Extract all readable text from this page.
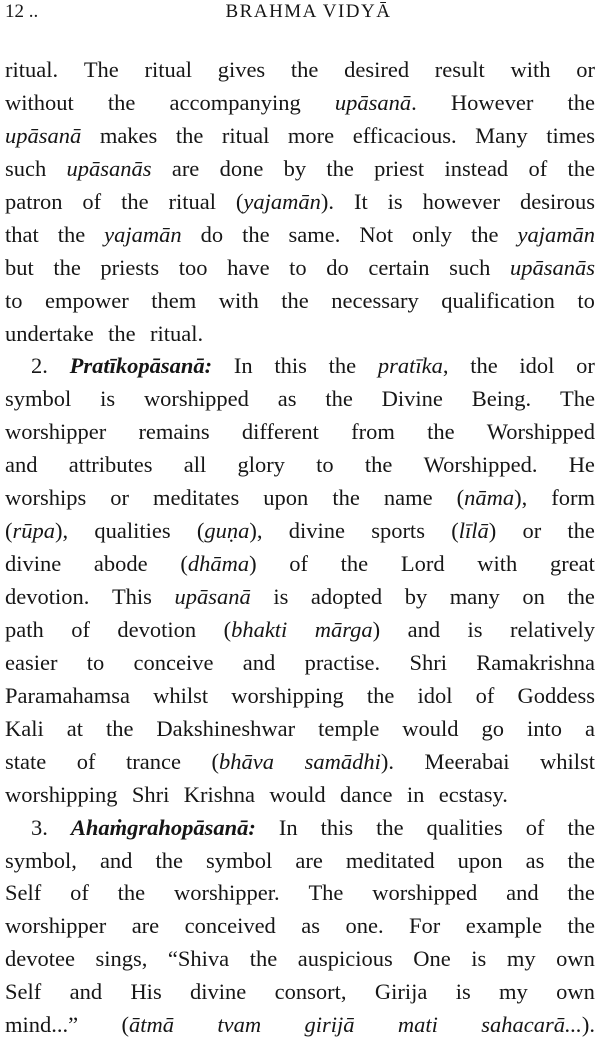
12 ..	BRAHMA VIDYĀ
ritual. The ritual gives the desired result with or
without the accompanying upāsanā. However the
upāsanā makes the ritual more efficacious. Many times
such upāsanās are done by the priest instead of the
patron of the ritual (yajamān). It is however desirous
that the yajamān do the same. Not only the yajamān
but the priests too have to do certain such upāsanās
to empower them with the necessary qualification to
undertake the ritual.
2. Pratīkopāsanā: In this the pratīka, the idol or
symbol is worshipped as the Divine Being. The
worshipper remains different from the Worshipped
and attributes all glory to the Worshipped. He
worships or meditates upon the name (nāma), form
(rūpa), qualities (guṇa), divine sports (līlā) or the
divine abode (dhāma) of the Lord with great
devotion. This upāsanā is adopted by many on the
path of devotion (bhakti mārga) and is relatively
easier to conceive and practise. Shri Ramakrishna
Paramahamsa whilst worshipping the idol of Goddess
Kali at the Dakshineshwar temple would go into a
state of trance (bhāva samādhi). Meerabai whilst
worshipping Shri Krishna would dance in ecstasy.
3. Ahaṁgrahopāsanā: In this the qualities of the
symbol, and the symbol are meditated upon as the
Self of the worshipper. The worshipped and the
worshipper are conceived as one. For example the
devotee sings, “Shiva the auspicious One is my own
Self and His divine consort, Girija is my own
mind...” (ātmā tvam girijā mati sahacarā...).
